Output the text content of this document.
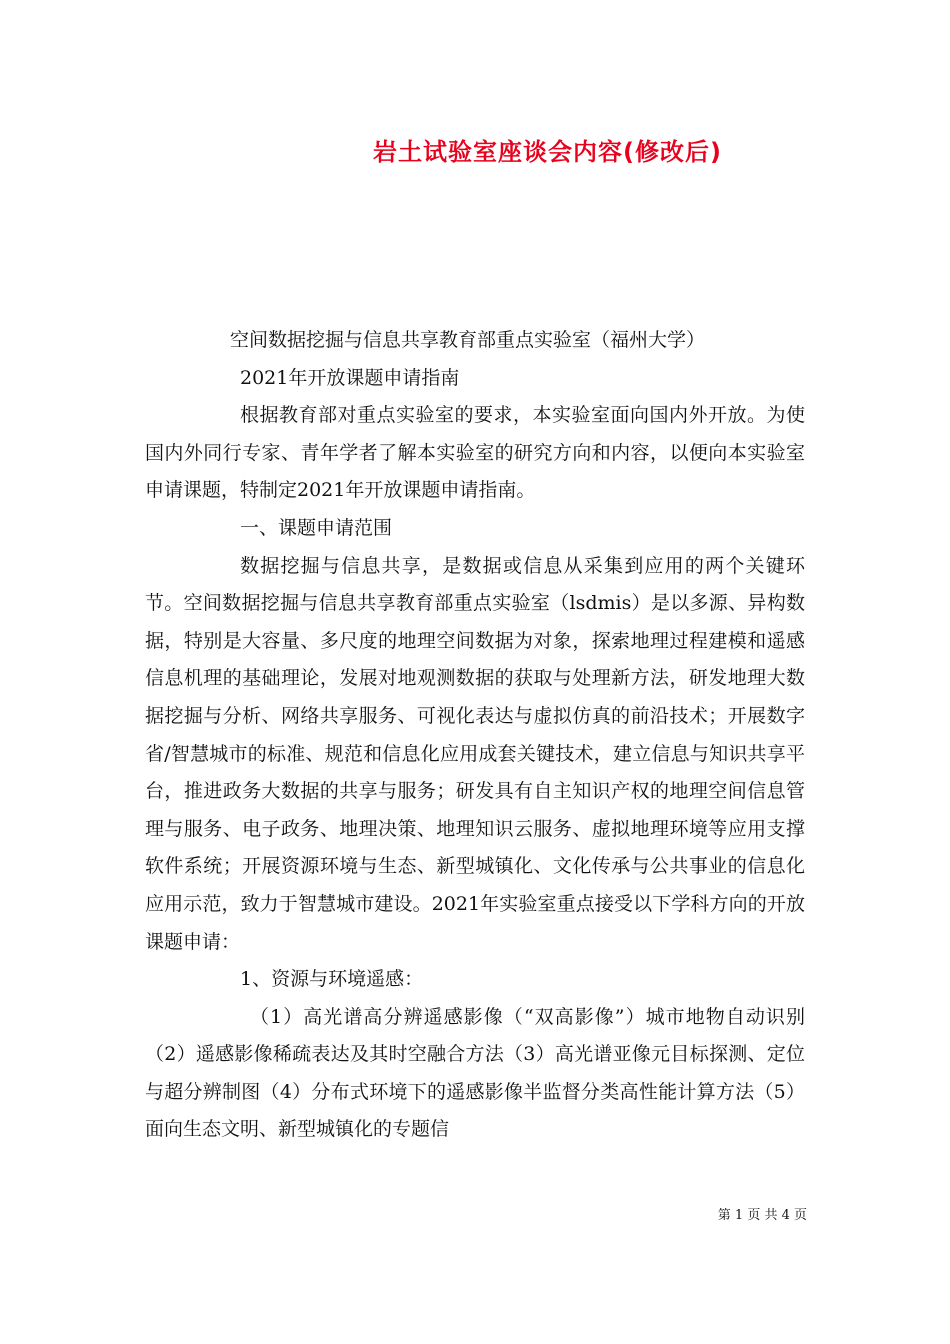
岩土试验室座谈会内容(修改后)

空间数据挖掘与信息共享教育部重点实验室（福州大学）

2021年开放课题申请指南

根据教育部对重点实验室的要求，本实验室面向国内外开放。为使国内外同行专家、青年学者了解本实验室的研究方向和内容，以便向本实验室申请课题，特制定2021年开放课题申请指南。

一、课题申请范围

数据挖掘与信息共享，是数据或信息从采集到应用的两个关键环节。空间数据挖掘与信息共享教育部重点实验室（lsdmis）是以多源、异构数据，特别是大容量、多尺度的地理空间数据为对象，探索地理过程建模和遥感信息机理的基础理论，发展对地观测数据的获取与处理新方法，研发地理大数据挖掘与分析、网络共享服务、可视化表达与虚拟仿真的前沿技术；开展数字省/智慧城市的标准、规范和信息化应用成套关键技术，建立信息与知识共享平台，推进政务大数据的共享与服务；研发具有自主知识产权的地理空间信息管理与服务、电子政务、地理决策、地理知识云服务、虚拟地理环境等应用支撑软件系统；开展资源环境与生态、新型城镇化、文化传承与公共事业的信息化应用示范，致力于智慧城市建设。2021年实验室重点接受以下学科方向的开放课题申请：

1、资源与环境遥感：

（1）高光谱高分辨遥感影像（“双高影像”）城市地物自动识别（2）遥感影像稀疏表达及其时空融合方法（3）高光谱亚像元目标探测、定位与超分辨制图（4）分布式环境下的遥感影像半监督分类高性能计算方法（5）面向生态文明、新型城镇化的专题信

第 1 页 共 4 页
